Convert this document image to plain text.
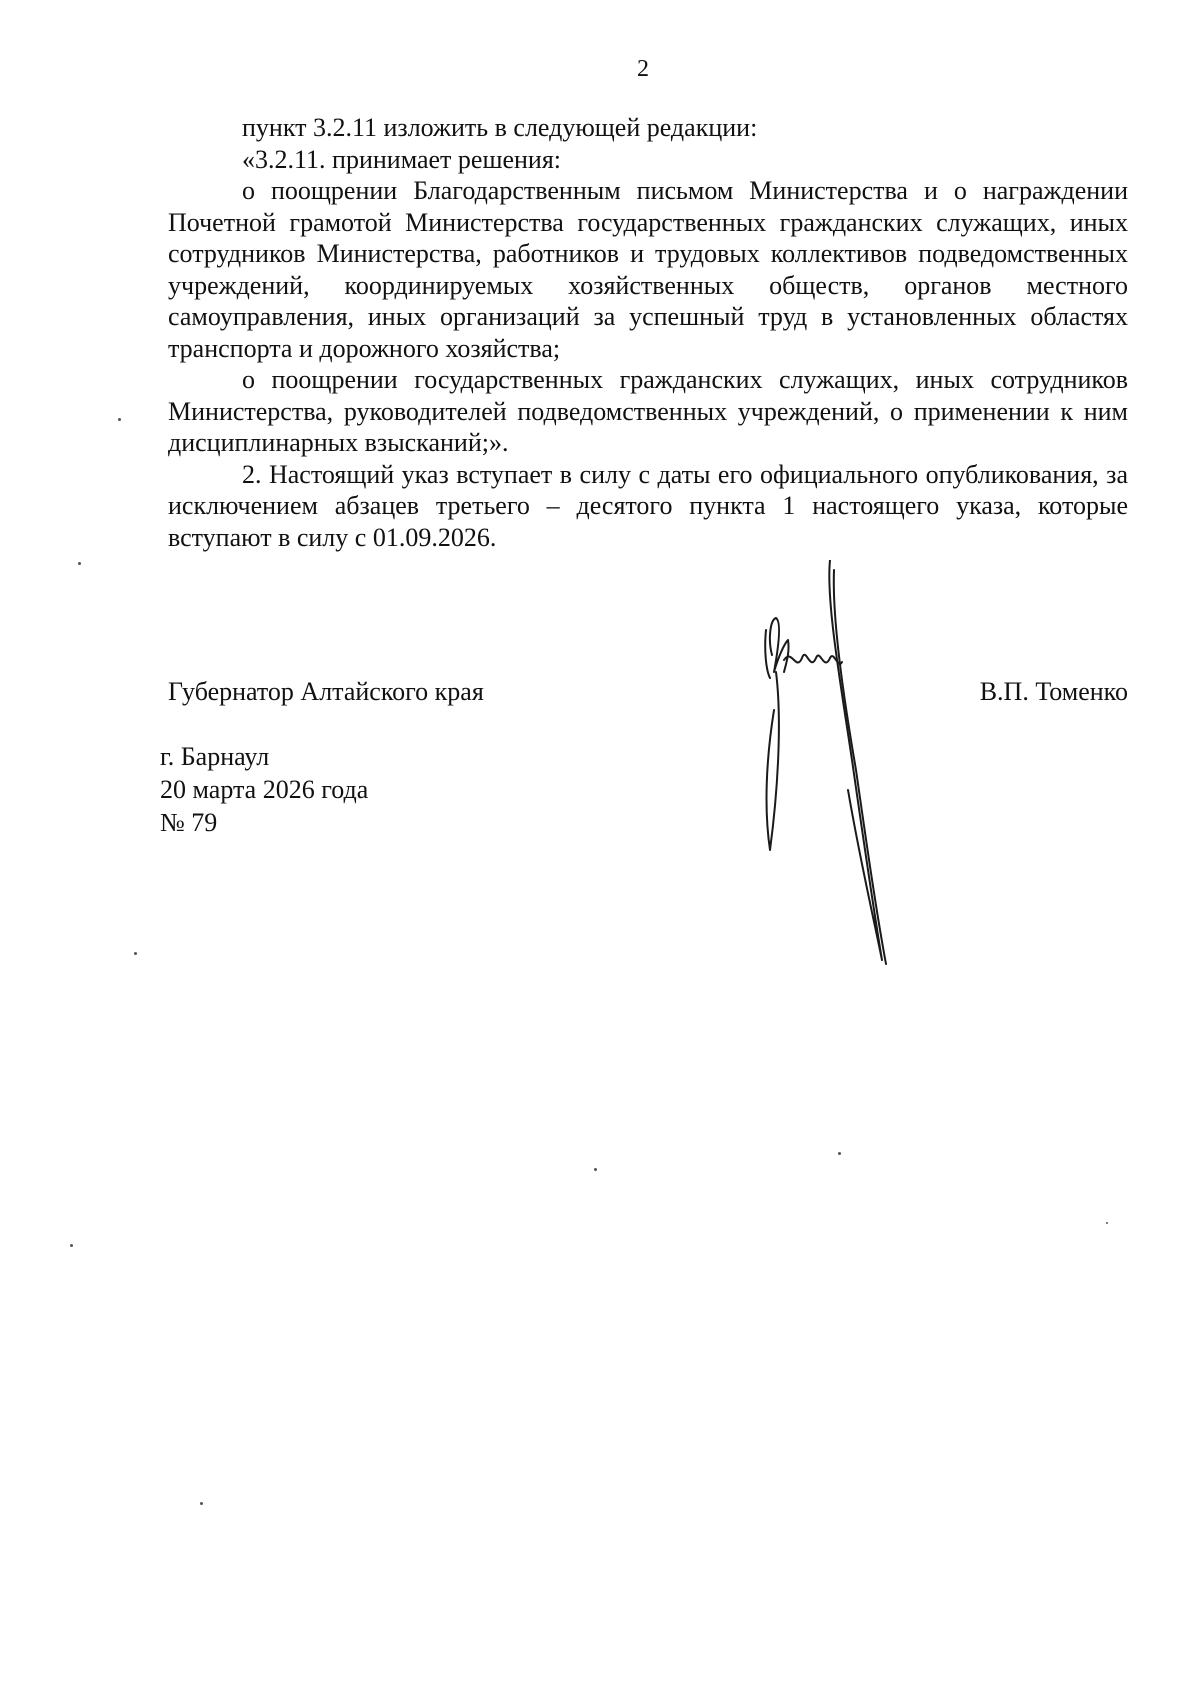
2

пункт 3.2.11 изложить в следующей редакции:

«3.2.11. принимает решения:

о поощрении Благодарственным письмом Министерства и о награждении Почетной грамотой Министерства государственных гражданских служащих, иных сотрудников Министерства, работников и трудовых коллективов подведомственных учреждений, координируемых хозяйственных обществ, органов местного самоуправления, иных организаций за успешный труд в установленных областях транспорта и дорожного хозяйства;

о поощрении государственных гражданских служащих, иных сотрудников Министерства, руководителей подведомственных учреждений, о применении к ним дисциплинарных взысканий;».

2. Настоящий указ вступает в силу с даты его официального опубликования, за исключением абзацев третьего – десятого пункта 1 настоящего указа, которые вступают в силу с 01.09.2026.

Губернатор Алтайского края	В.П. Томенко
г. Барнаул
20 марта 2026 года
№ 79
